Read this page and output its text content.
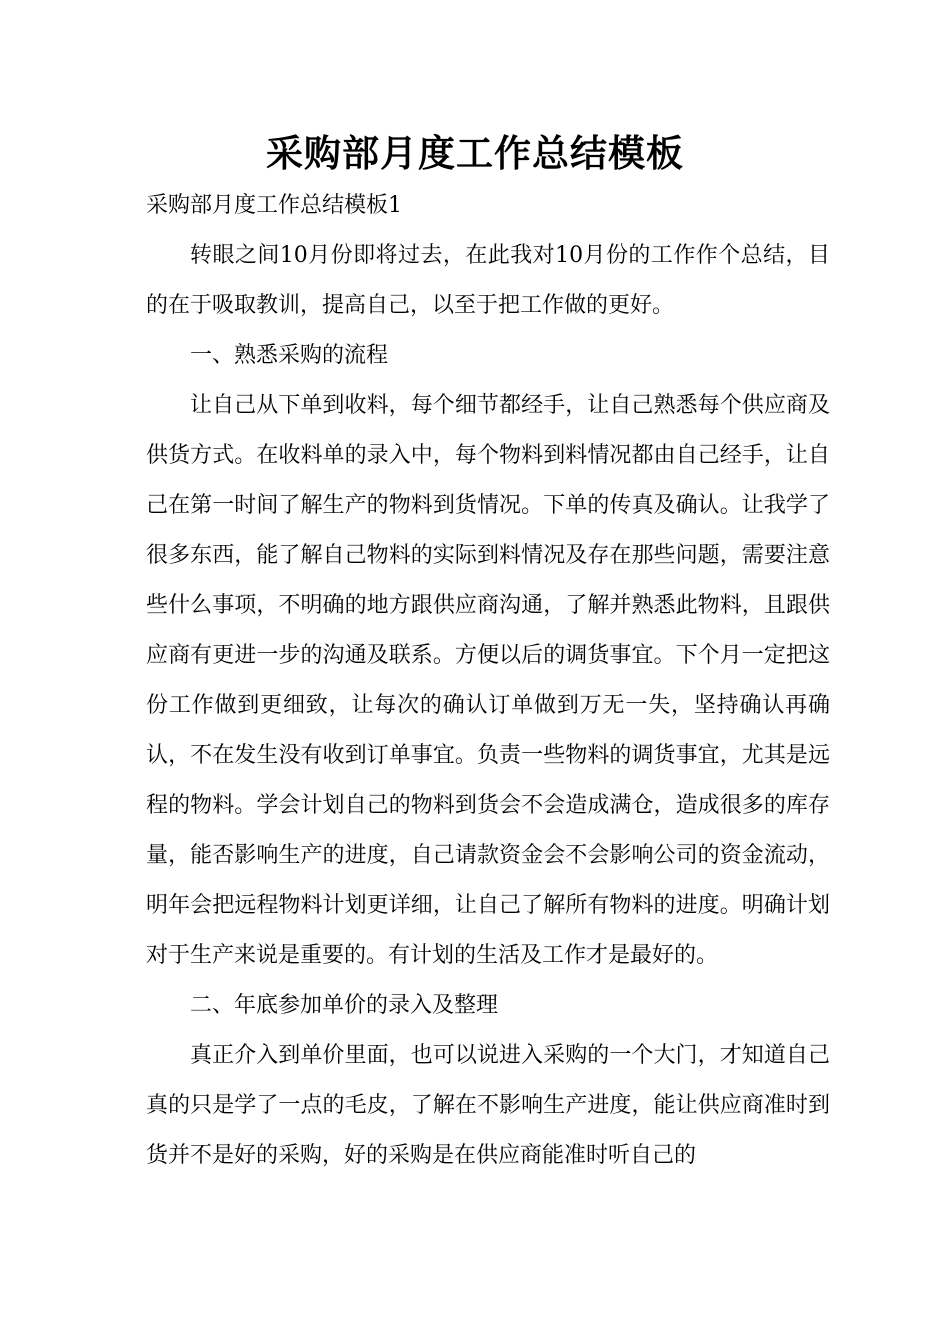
采购部月度工作总结模板

采购部月度工作总结模板1

转眼之间10月份即将过去，在此我对10月份的工作作个总结，目的在于吸取教训，提高自己，以至于把工作做的更好。

一、熟悉采购的流程

让自己从下单到收料，每个细节都经手，让自己熟悉每个供应商及供货方式。在收料单的录入中，每个物料到料情况都由自己经手，让自己在第一时间了解生产的物料到货情况。下单的传真及确认。让我学了很多东西，能了解自己物料的实际到料情况及存在那些问题，需要注意些什么事项，不明确的地方跟供应商沟通，了解并熟悉此物料，且跟供应商有更进一步的沟通及联系。方便以后的调货事宜。下个月一定把这份工作做到更细致，让每次的确认订单做到万无一失，坚持确认再确认，不在发生没有收到订单事宜。负责一些物料的调货事宜，尤其是远程的物料。学会计划自己的物料到货会不会造成满仓，造成很多的库存量，能否影响生产的进度，自己请款资金会不会影响公司的资金流动，明年会把远程物料计划更详细，让自己了解所有物料的进度。明确计划对于生产来说是重要的。有计划的生活及工作才是最好的。

二、年底参加单价的录入及整理

真正介入到单价里面，也可以说进入采购的一个大门，才知道自己真的只是学了一点的毛皮，了解在不影响生产进度，能让供应商准时到货并不是好的采购，好的采购是在供应商能准时听自己的
